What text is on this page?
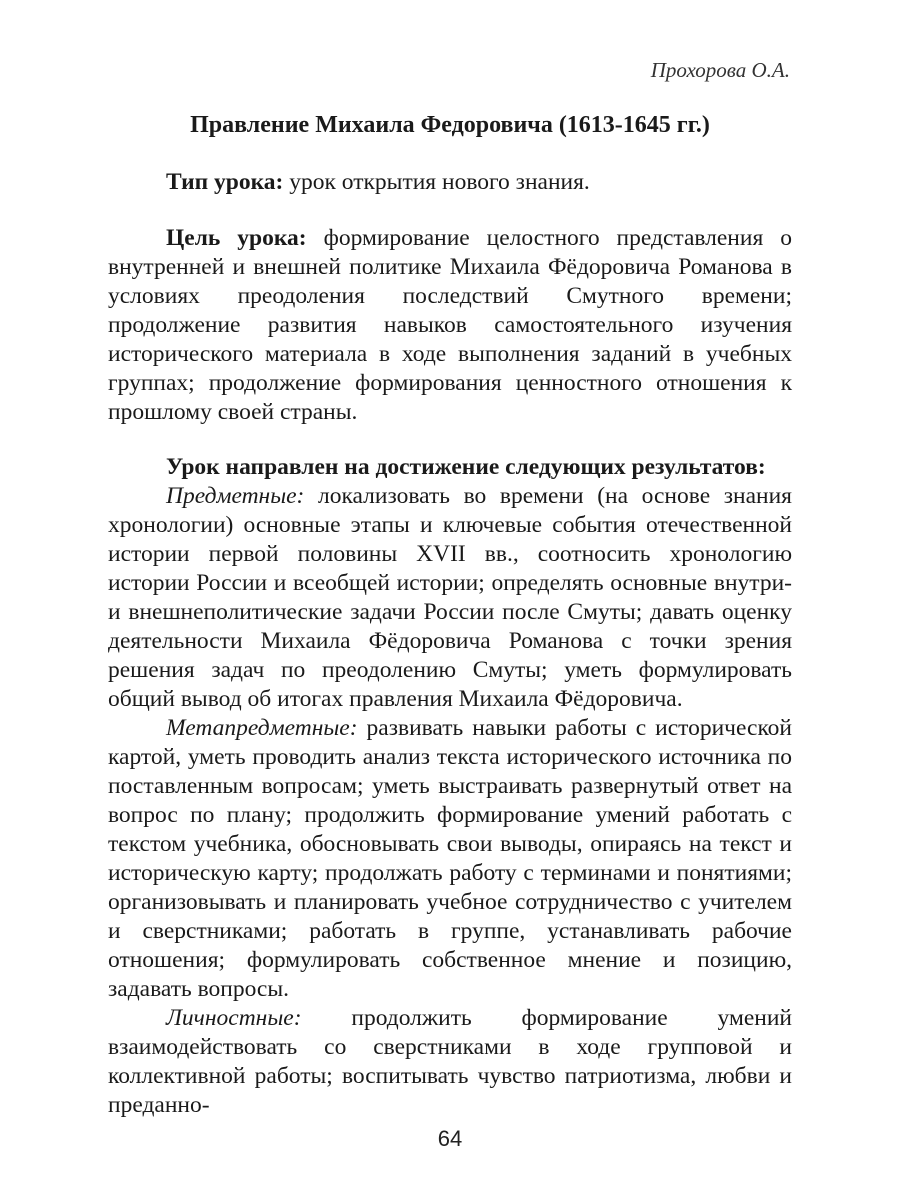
Прохорова О.А.
Правление Михаила Федоровича (1613-1645 гг.)

Тип урока: урок открытия нового знания.

Цель урока: формирование целостного представления о внутренней и внешней политике Михаила Фёдоровича Романова в условиях преодоления последствий Смутного времени; продолжение развития навыков самостоятельного изучения исторического материала в ходе выполнения заданий в учебных группах; продолжение формирования ценностного отношения к прошлому своей страны.

Урок направлен на достижение следующих результатов:

Предметные: локализовать во времени (на основе знания хронологии) основные этапы и ключевые события отечественной истории первой половины XVII вв., соотносить хронологию истории России и всеобщей истории; определять основные внутри- и внешнеполитические задачи России после Смуты; давать оценку деятельности Михаила Фёдоровича Романова с точки зрения решения задач по преодолению Смуты; уметь формулировать общий вывод об итогах правления Михаила Фёдоровича.

Метапредметные: развивать навыки работы с исторической картой, уметь проводить анализ текста исторического источника по поставленным вопросам; уметь выстраивать развернутый ответ на вопрос по плану; продолжить формирование умений работать с текстом учебника, обосновывать свои выводы, опираясь на текст и историческую карту; продолжать работу с терминами и понятиями; организовывать и планировать учебное сотрудничество с учителем и сверстниками; работать в группе, устанавливать рабочие отношения; формулировать собственное мнение и позицию, задавать вопросы.

Личностные: продолжить формирование умений взаимодействовать со сверстниками в ходе групповой и коллективной работы; воспитывать чувство патриотизма, любви и преданно-

64
